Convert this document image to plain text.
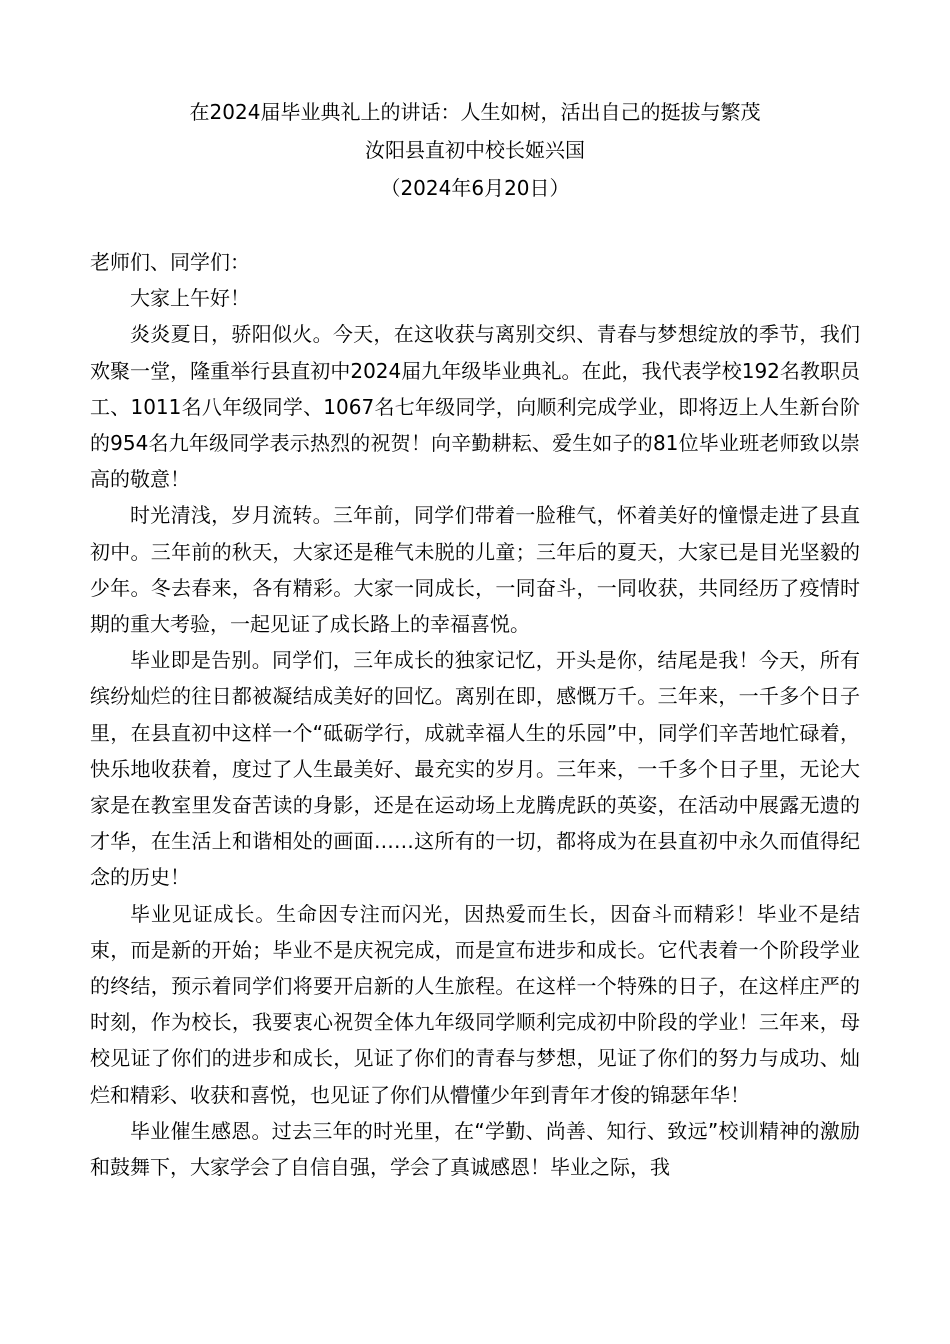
在2024届毕业典礼上的讲话：人生如树，活出自己的挺拔与繁茂
汝阳县直初中校长姬兴国
（2024年6月20日）

老师们、同学们：

大家上午好！

炎炎夏日，骄阳似火。今天，在这收获与离别交织、青春与梦想绽放的季节，我们欢聚一堂，隆重举行县直初中2024届九年级毕业典礼。在此，我代表学校192名教职员工、1011名八年级同学、1067名七年级同学，向顺利完成学业，即将迈上人生新台阶的954名九年级同学表示热烈的祝贺！向辛勤耕耘、爱生如子的81位毕业班老师致以崇高的敬意！

时光清浅，岁月流转。三年前，同学们带着一脸稚气，怀着美好的憧憬走进了县直初中。三年前的秋天，大家还是稚气未脱的儿童；三年后的夏天，大家已是目光坚毅的少年。冬去春来，各有精彩。大家一同成长，一同奋斗，一同收获，共同经历了疫情时期的重大考验，一起见证了成长路上的幸福喜悦。

毕业即是告别。同学们，三年成长的独家记忆，开头是你，结尾是我！今天，所有缤纷灿烂的往日都被凝结成美好的回忆。离别在即，感慨万千。三年来，一千多个日子里，在县直初中这样一个“砥砺学行，成就幸福人生的乐园”中，同学们辛苦地忙碌着，快乐地收获着，度过了人生最美好、最充实的岁月。三年来，一千多个日子里，无论大家是在教室里发奋苦读的身影，还是在运动场上龙腾虎跃的英姿，在活动中展露无遗的才华，在生活上和谐相处的画面……这所有的一切，都将成为在县直初中永久而值得纪念的历史！

毕业见证成长。生命因专注而闪光，因热爱而生长，因奋斗而精彩！毕业不是结束，而是新的开始；毕业不是庆祝完成，而是宣布进步和成长。它代表着一个阶段学业的终结，预示着同学们将要开启新的人生旅程。在这样一个特殊的日子，在这样庄严的时刻，作为校长，我要衷心祝贺全体九年级同学顺利完成初中阶段的学业！三年来，母校见证了你们的进步和成长，见证了你们的青春与梦想，见证了你们的努力与成功、灿烂和精彩、收获和喜悦，也见证了你们从懵懂少年到青年才俊的锦瑟年华！

毕业催生感恩。过去三年的时光里，在“学勤、尚善、知行、致远”校训精神的激励和鼓舞下，大家学会了自信自强，学会了真诚感恩！毕业之际，我
